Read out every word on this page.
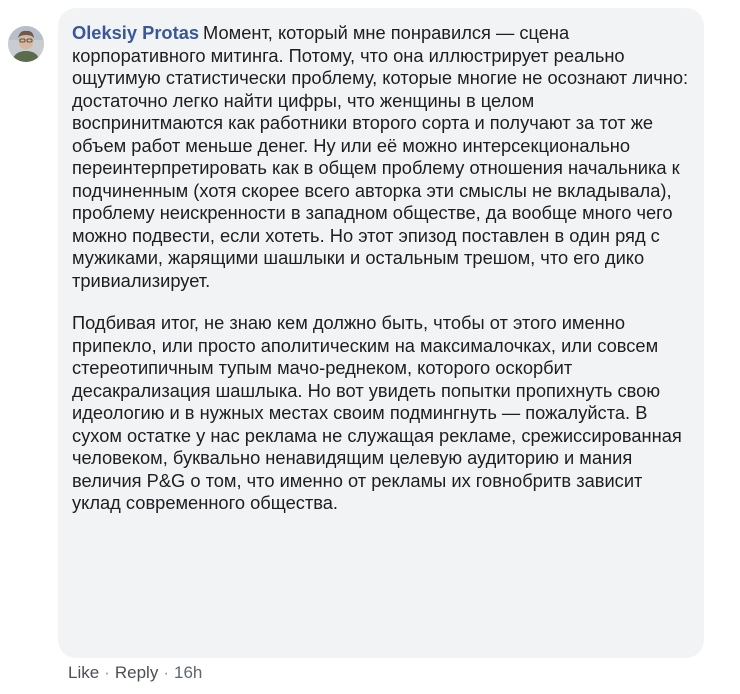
Oleksiy Protas Момент, который мне понравился — сцена корпоративного митинга. Потому, что она иллюстрирует реально ощутимую статистически проблему, которые многие не осознают лично: достаточно легко найти цифры, что женщины в целом воспринитмаются как работники второго сорта и получают за тот же объем работ меньше денег. Ну или её можно интерсекционально переинтерпретировать как в общем проблему отношения начальника к подчиненным (хотя скорее всего авторка эти смыслы не вкладывала), проблему неискренности в западном обществе, да вообще много чего можно подвести, если хотеть. Но этот эпизод поставлен в один ряд с мужиками, жарящими шашлыки и остальным трешом, что его дико тривиализирует.

Подбивая итог, не знаю кем должно быть, чтобы от этого именно припекло, или просто аполитическим на максималочках, или совсем стереотипичным тупым мачо-реднеком, которого оскорбит десакрализация шашлыка. Но вот увидеть попытки пропихнуть свою идеологию и в нужных местах своим подмингнуть — пожалуйста. В сухом остатке у нас реклама не служащая рекламе, срежиссированная человеком, буквально ненавидящим целевую аудиторию и мания величия P&G о том, что именно от рекламы их говнобритв зависит уклад современного общества.

Like · Reply · 16h
